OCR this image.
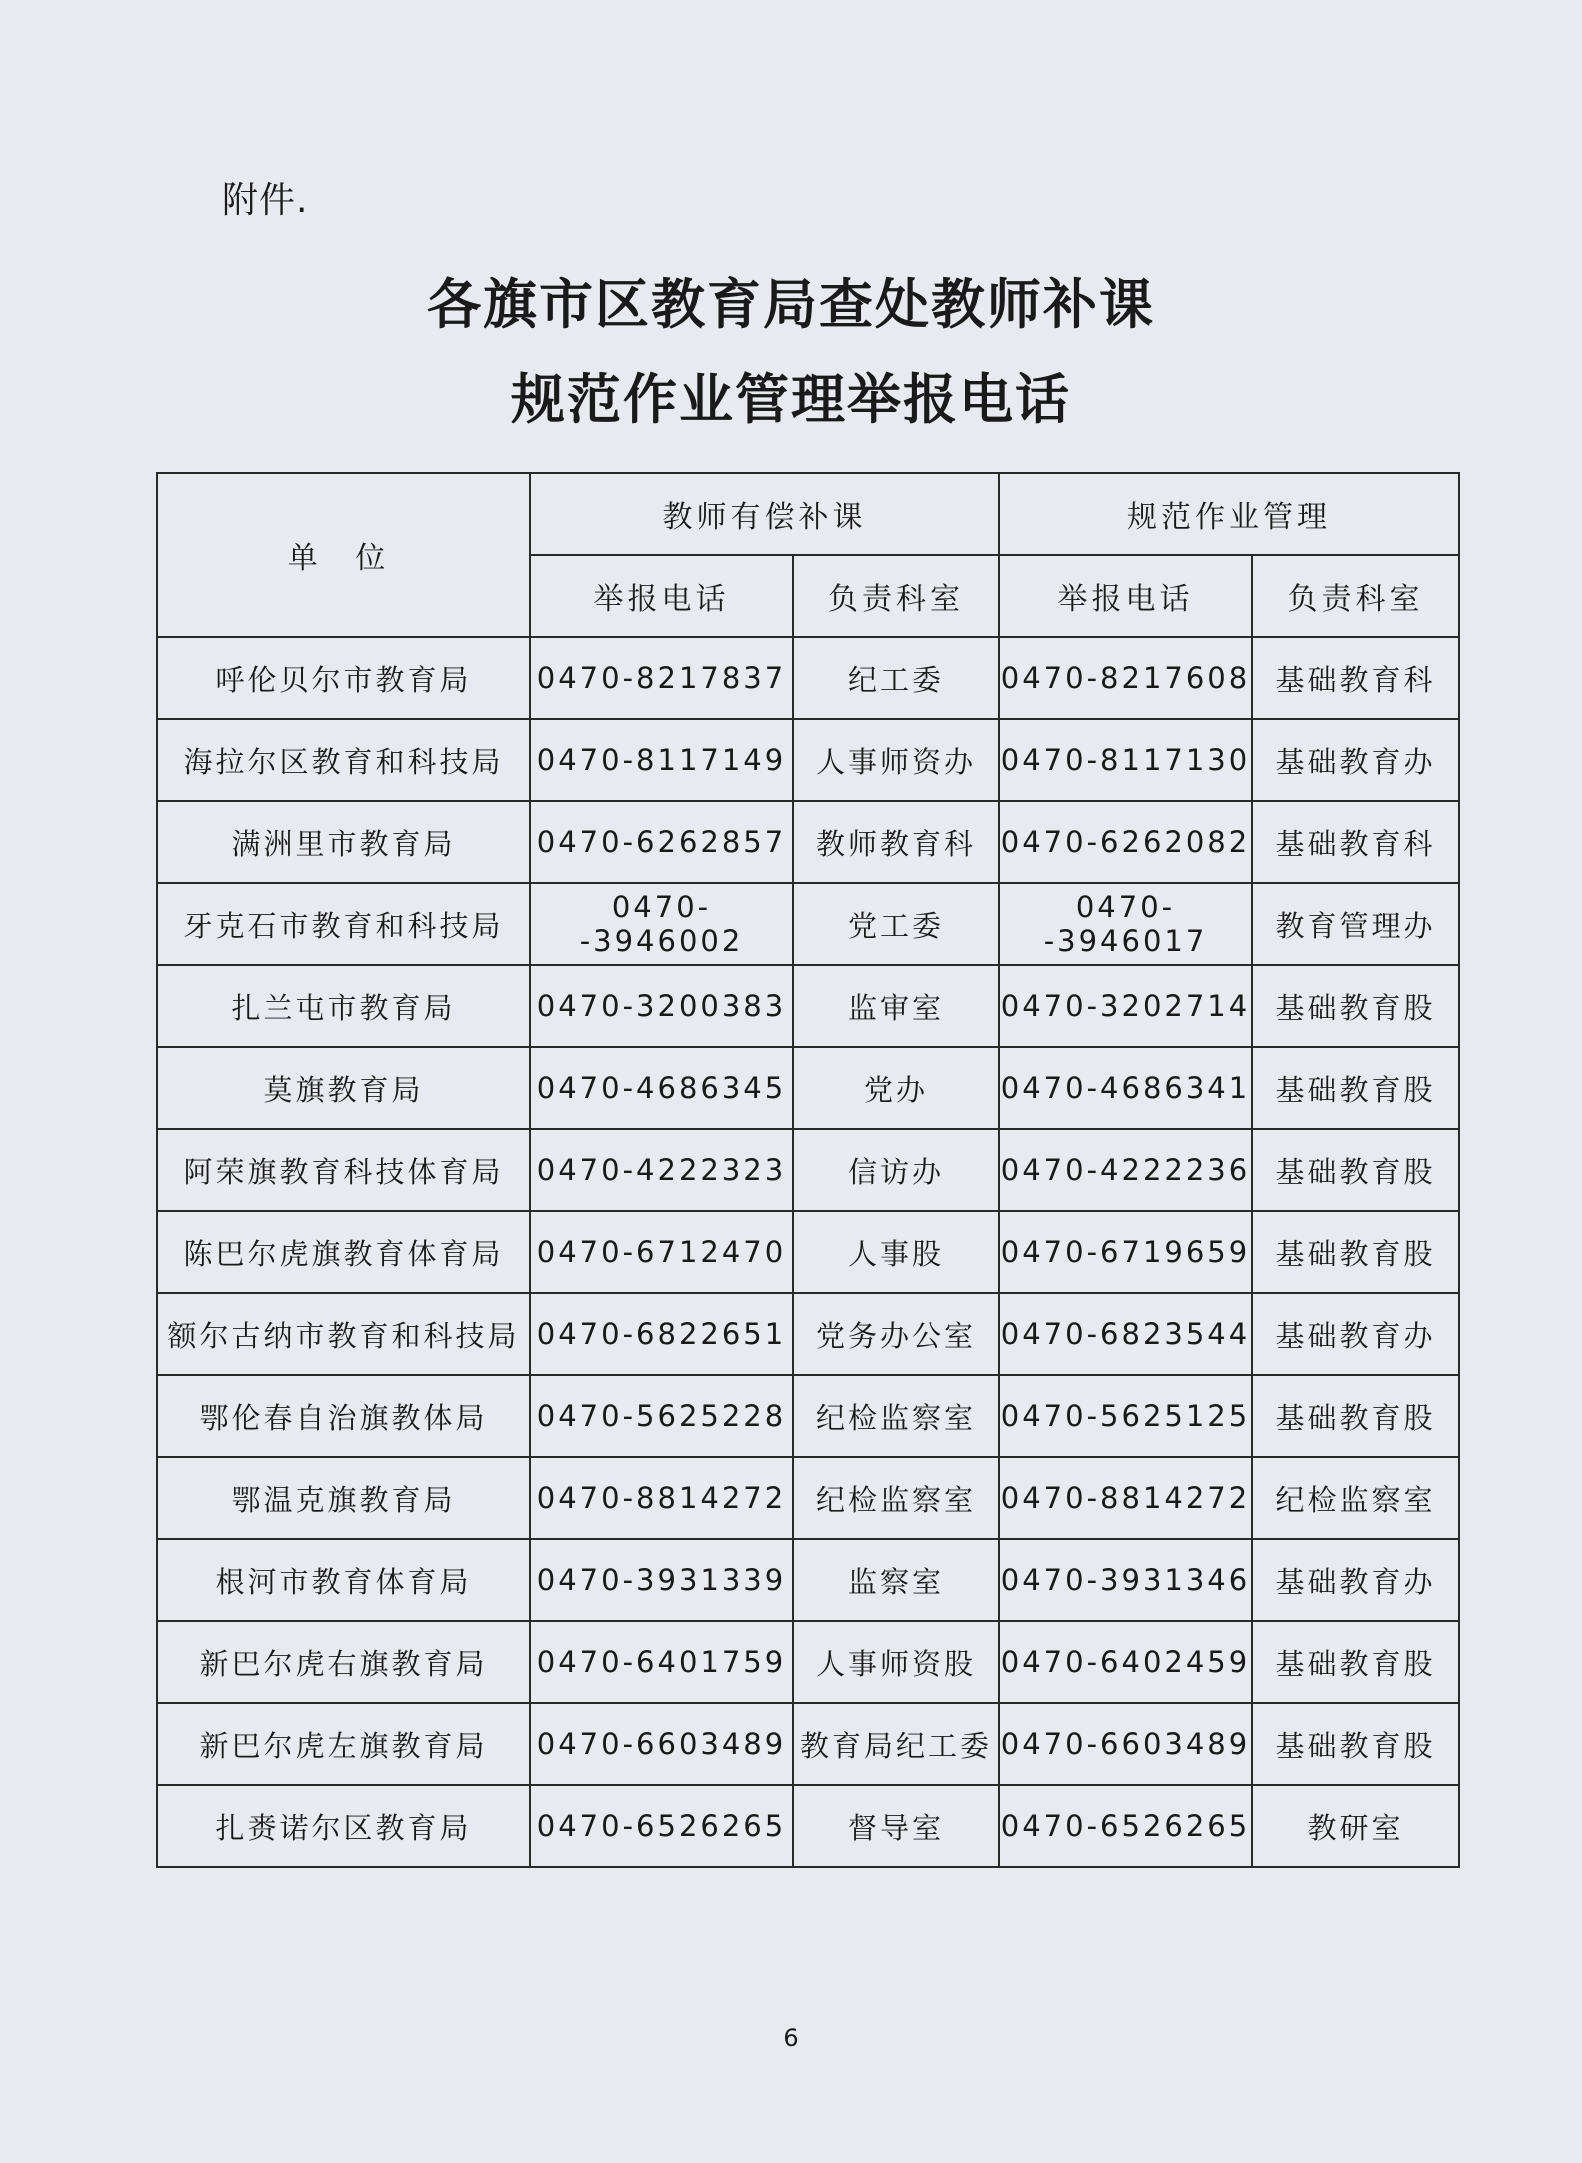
附件.
各旗市区教育局查处教师补课
规范作业管理举报电话
单 位	教师有偿补课		规范作业管理	
	举报电话	负责科室	举报电话	负责科室
呼伦贝尔市教育局	0470-8217837	纪工委	0470-8217608	基础教育科
海拉尔区教育和科技局	0470-8117149	人事师资办	0470-8117130	基础教育办
满洲里市教育局	0470-6262857	教师教育科	0470-6262082	基础教育科
牙克石市教育和科技局	0470--3946002	党工委	0470--3946017	教育管理办
扎兰屯市教育局	0470-3200383	监审室	0470-3202714	基础教育股
莫旗教育局	0470-4686345	党办	0470-4686341	基础教育股
阿荣旗教育科技体育局	0470-4222323	信访办	0470-4222236	基础教育股
陈巴尔虎旗教育体育局	0470-6712470	人事股	0470-6719659	基础教育股
额尔古纳市教育和科技局	0470-6822651	党务办公室	0470-6823544	基础教育办
鄂伦春自治旗教体局	0470-5625228	纪检监察室	0470-5625125	基础教育股
鄂温克旗教育局	0470-8814272	纪检监察室	0470-8814272	纪检监察室
根河市教育体育局	0470-3931339	监察室	0470-3931346	基础教育办
新巴尔虎右旗教育局	0470-6401759	人事师资股	0470-6402459	基础教育股
新巴尔虎左旗教育局	0470-6603489	教育局纪工委	0470-6603489	基础教育股
扎赉诺尔区教育局	0470-6526265	督导室	0470-6526265	教研室
6
